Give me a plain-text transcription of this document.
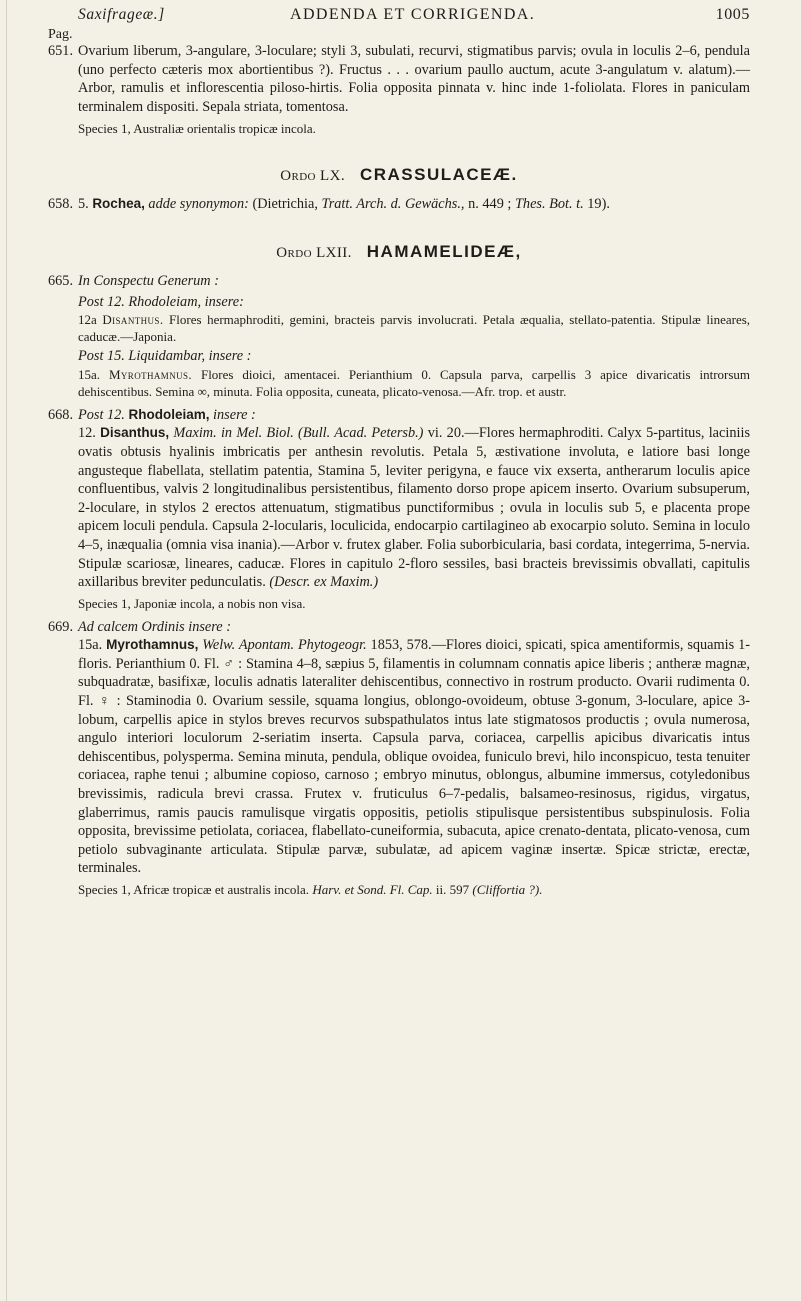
Saxifrageæ.]	ADDENDA ET CORRIGENDA.	1005
Pag.
651. Ovarium liberum, 3-angulare, 3-loculare; styli 3, subulati, recurvi, stigmatibus parvis; ovula in loculis 2–6, pendula (uno perfecto cæteris mox abortientibus ?). Fructus . . . ovarium paullo auctum, acute 3-angulatum v. alatum).—Arbor, ramulis et inflorescentia piloso-hirtis. Folia opposita pinnata v. hinc inde 1-foliolata. Flores in paniculam terminalem dispositi. Sepala striata, tomentosa.

Species 1, Australiæ orientalis tropicæ incola.

Ordo LX. CRASSULACEÆ.
658. 5. Rochea, adde synonymon: (Dietrichia, Tratt. Arch. d. Gewächs., n. 449 ; Thes. Bot. t. 19).

Ordo LXII. HAMAMELIDEÆ,
665. In Conspectu Generum :

Post 12. Rhodoleiam, insere:

12a Disanthus. Flores hermaphroditi, gemini, bracteis parvis involucrati. Petala æqualia, stellato-patentia. Stipulæ lineares, caducæ.—Japonia.

Post 15. Liquidambar, insere :

15a. Myrothamnus. Flores dioici, amentacei. Perianthium 0. Capsula parva, carpellis 3 apice divaricatis introrsum dehiscentibus. Semina ∞, minuta. Folia opposita, cuneata, plicato-venosa.—Afr. trop. et austr.

668. Post 12. Rhodoleiam, insere :

12. Disanthus, Maxim. in Mel. Biol. (Bull. Acad. Petersb.) vi. 20.—Flores hermaphroditi. Calyx 5-partitus, laciniis ovatis obtusis hyalinis imbricatis per anthesin revolutis. Petala 5, æstivatione involuta, e latiore basi longe angusteque flabellata, stellatim patentia, Stamina 5, leviter perigyna, e fauce vix exserta, antherarum loculis apice confluentibus, valvis 2 longitudinalibus persistentibus, filamento dorso prope apicem inserto. Ovarium subsuperum, 2-loculare, in stylos 2 erectos attenuatum, stigmatibus punctiformibus ; ovula in loculis sub 5, e placenta prope apicem loculi pendula. Capsula 2-locularis, loculicida, endocarpio cartilagineo ab exocarpio soluto. Semina in loculo 4–5, inæqualia (omnia visa inania).—Arbor v. frutex glaber. Folia suborbicularia, basi cordata, integerrima, 5-nervia. Stipulæ scariosæ, lineares, caducæ. Flores in capitulo 2-floro sessiles, basi bracteis brevissimis obvallati, capitulis axillaribus breviter pedunculatis. (Descr. ex Maxim.)

Species 1, Japoniæ incola, a nobis non visa.

669. Ad calcem Ordinis insere :

15a. Myrothamnus, Welw. Apontam. Phytogeogr. 1853, 578.—Flores dioici, spicati, spica amentiformis, squamis 1-floris. Perianthium 0. Fl. ♂ : Stamina 4–8, sæpius 5, filamentis in columnam connatis apice liberis ; antheræ magnæ, subquadratæ, basifixæ, loculis adnatis lateraliter dehiscentibus, connectivo in rostrum producto. Ovarii rudimenta 0. Fl. ♀ : Staminodia 0. Ovarium sessile, squama longius, oblongo-ovoideum, obtuse 3-gonum, 3-loculare, apice 3-lobum, carpellis apice in stylos breves recurvos subspathulatos intus late stigmatosos productis ; ovula numerosa, angulo interiori loculorum 2-seriatim inserta. Capsula parva, coriacea, carpellis apicibus divaricatis intus dehiscentibus, polysperma. Semina minuta, pendula, oblique ovoidea, funiculo brevi, hilo inconspicuo, testa tenuiter coriacea, raphe tenui ; albumine copioso, carnoso ; embryo minutus, oblongus, albumine immersus, cotyledonibus brevissimis, radicula brevi crassa. Frutex v. fruticulus 6–7-pedalis, balsameo-resinosus, rigidus, virgatus, glaberrimus, ramis paucis ramulisque virgatis oppositis, petiolis stipulisque persistentibus subspinulosis. Folia opposita, brevissime petiolata, coriacea, flabellato-cuneiformia, subacuta, apice crenato-dentata, plicato-venosa, cum petiolo subvaginante articulata. Stipulæ parvæ, subulatæ, ad apicem vaginæ insertæ. Spicæ strictæ, erectæ, terminales.

Species 1, Africæ tropicæ et australis incola. Harv. et Sond. Fl. Cap. ii. 597 (Cliffortia ?).
